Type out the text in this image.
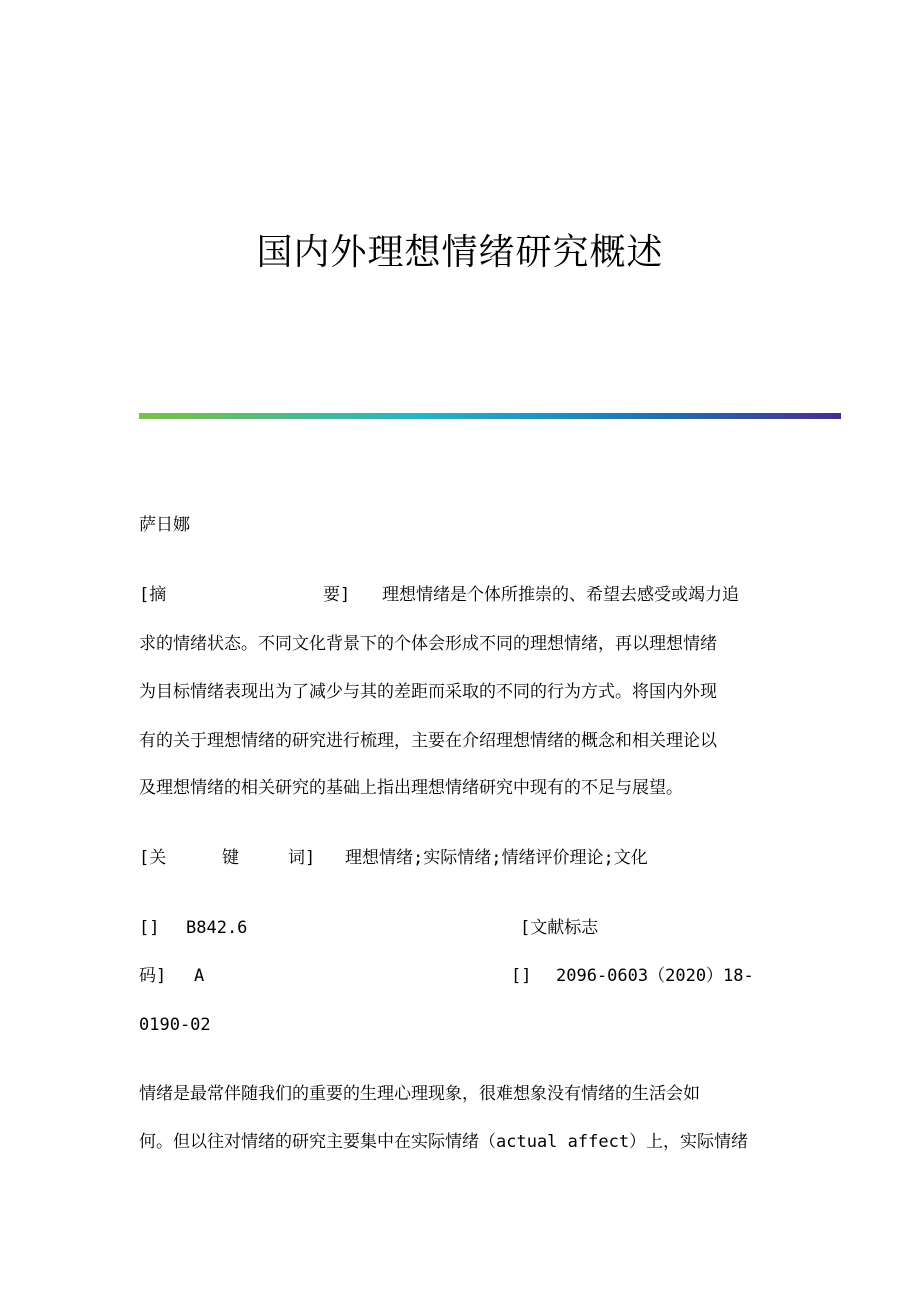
国内外理想情绪研究概述
萨日娜
[摘	要] 理想情绪是个体所推崇的、希望去感受或竭力追
求的情绪状态。不同文化背景下的个体会形成不同的理想情绪，再以理想情绪
为目标情绪表现出为了减少与其的差距而采取的不同的行为方式。将国内外现
有的关于理想情绪的研究进行梳理，主要在介绍理想情绪的概念和相关理论以
及理想情绪的相关研究的基础上指出理想情绪研究中现有的不足与展望。
[关	键	词] 理想情绪;实际情绪;情绪评价理论;文化
[] B842.6	[文献标志
码] A	[] 2096-0603（2020）18-
0190-02
情绪是最常伴随我们的重要的生理心理现象，很难想象没有情绪的生活会如
何。但以往对情绪的研究主要集中在实际情绪（actual affect）上，实际情绪
